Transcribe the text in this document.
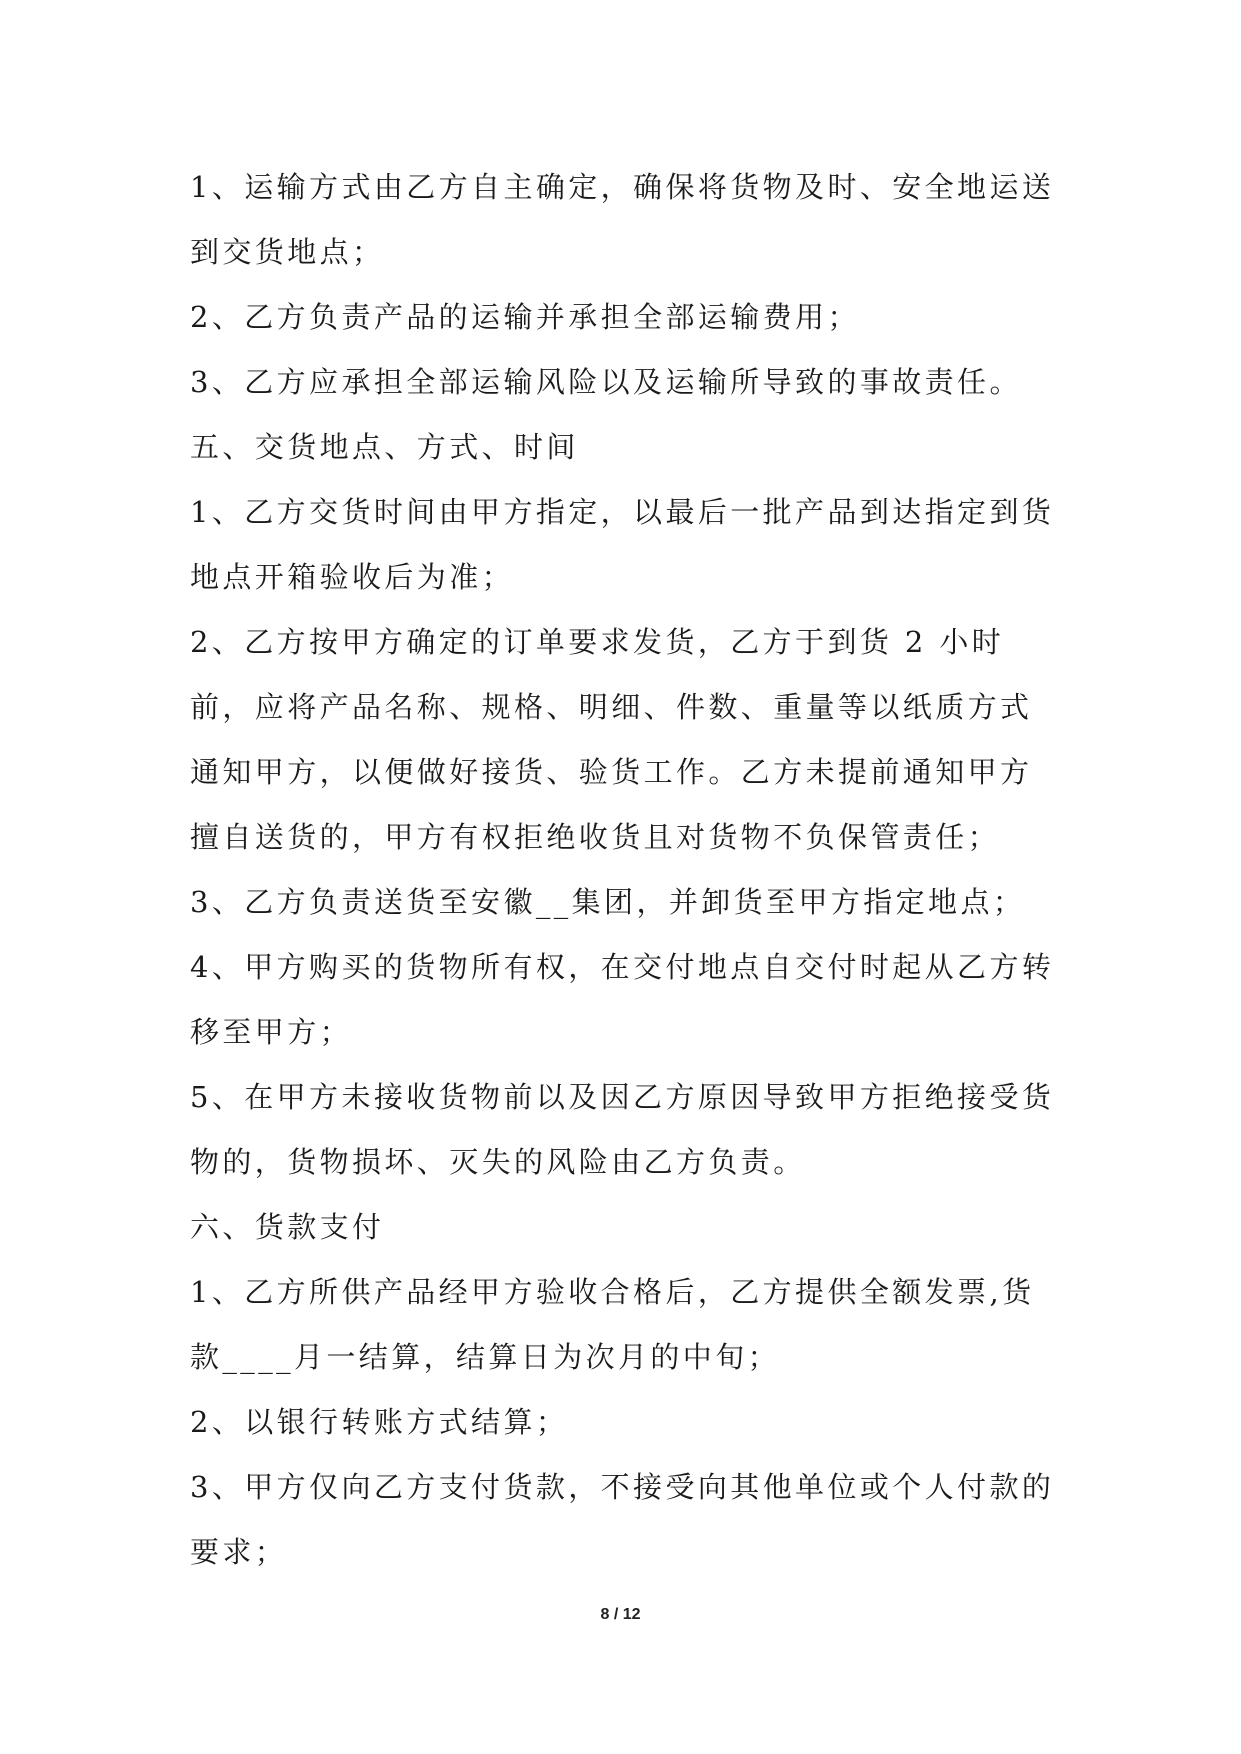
1、运输方式由乙方自主确定，确保将货物及时、安全地运送到交货地点；

2、乙方负责产品的运输并承担全部运输费用；

3、乙方应承担全部运输风险以及运输所导致的事故责任。

五、交货地点、方式、时间

1、乙方交货时间由甲方指定，以最后一批产品到达指定到货地点开箱验收后为准；

2、乙方按甲方确定的订单要求发货，乙方于到货 2 小时前，应将产品名称、规格、明细、件数、重量等以纸质方式通知甲方，以便做好接货、验货工作。乙方未提前通知甲方擅自送货的，甲方有权拒绝收货且对货物不负保管责任；

3、乙方负责送货至安徽__集团，并卸货至甲方指定地点；

4、甲方购买的货物所有权，在交付地点自交付时起从乙方转移至甲方；

5、在甲方未接收货物前以及因乙方原因导致甲方拒绝接受货物的，货物损坏、灭失的风险由乙方负责。

六、货款支付

1、乙方所供产品经甲方验收合格后，乙方提供全额发票,货款____月一结算，结算日为次月的中旬；

2、以银行转账方式结算；

3、甲方仅向乙方支付货款，不接受向其他单位或个人付款的要求；

8 / 12
